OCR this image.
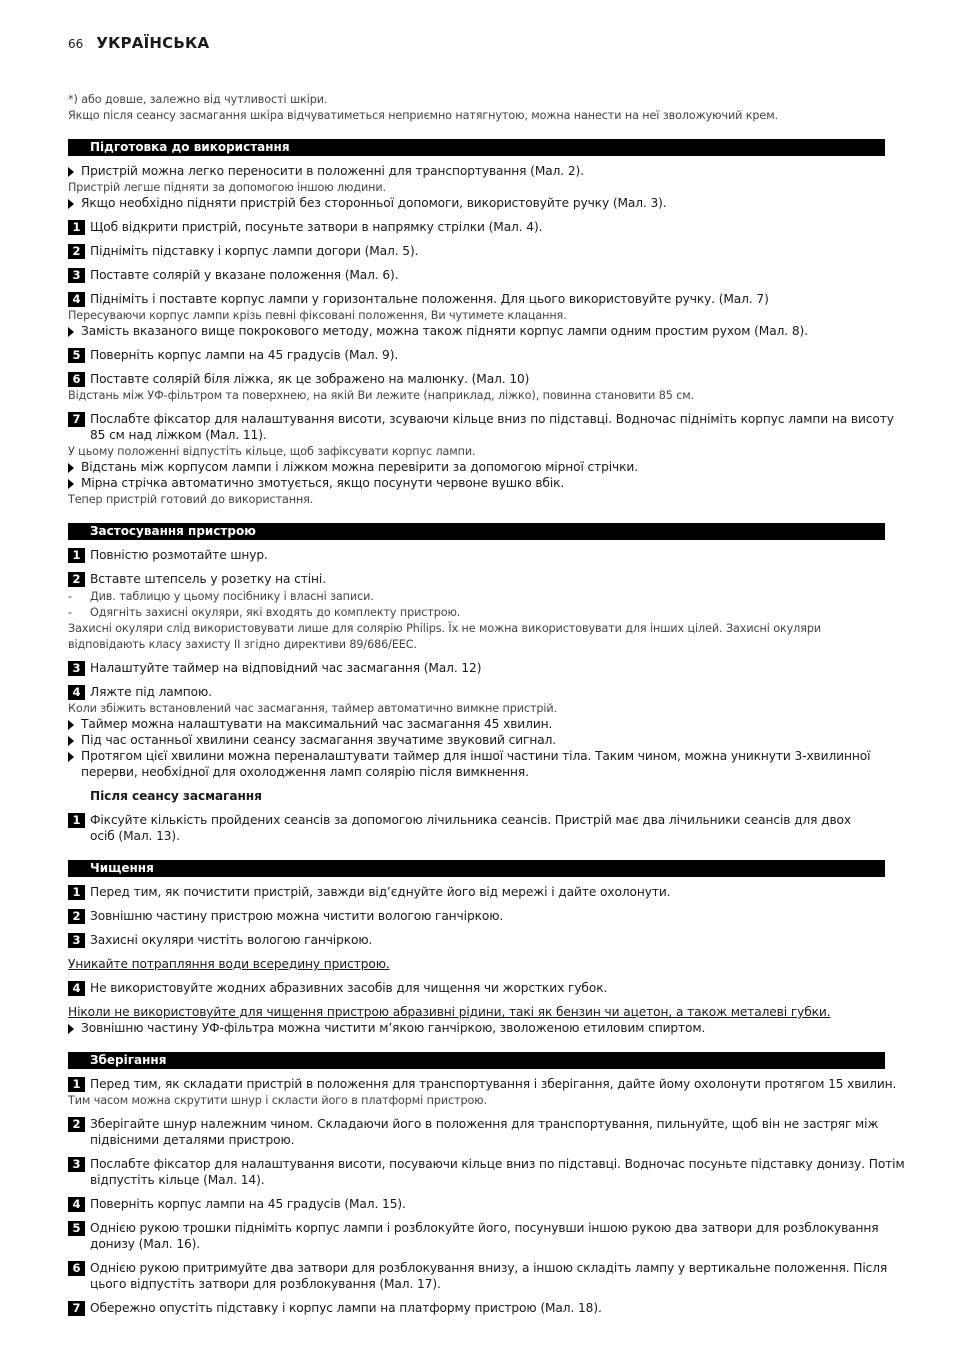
66 УКРАЇНСЬКА
*) або довше, залежно від чутливості шкіри.
Якщо після сеансу засмагання шкіра відчуватиметься неприємно натягнутою, можна нанести на неї зволожуючий крем.
Підготовка до використання
Пристрій можна легко переносити в положенні для транспортування (Мал. 2).
Пристрій легше підняти за допомогою іншою людини.
Якщо необхідно підняти пристрій без сторонньої допомоги, використовуйте ручку (Мал. 3).
1 Щоб відкрити пристрій, посуньте затвори в напрямку стрілки (Мал. 4).
2 Підніміть підставку і корпус лампи догори (Мал. 5).
3 Поставте солярій у вказане положення (Мал. 6).
4 Підніміть і поставте корпус лампи у горизонтальне положення. Для цього використовуйте ручку. (Мал. 7)
Пересуваючи корпус лампи крізь певні фіксовані положення, Ви чутимете клацання.
Замість вказаного вище покрокового методу, можна також підняти корпус лампи одним простим рухом (Мал. 8).
5 Поверніть корпус лампи на 45 градусів (Мал. 9).
6 Поставте солярій біля ліжка, як це зображено на малюнку. (Мал. 10)
Відстань між УФ-фільтром та поверхнею, на якій Ви лежите (наприклад, ліжко), повинна становити 85 см.
7 Послабте фіксатор для налаштування висоти, зсуваючи кільце вниз по підставці. Водночас підніміть корпус лампи на висоту
85 см над ліжком (Мал. 11).
У цьому положенні відпустіть кільце, щоб зафіксувати корпус лампи.
Відстань між корпусом лампи і ліжком можна перевірити за допомогою мірної стрічки.
Мірна стрічка автоматично змотується, якщо посунути червоне вушко вбік.
Тепер пристрій готовий до використання.
Застосування пристрою
1 Повністю розмотайте шнур.
2 Вставте штепсель у розетку на стіні.
- Див. таблицю у цьому посібнику і власні записи.
- Одягніть захисні окуляри, які входять до комплекту пристрою.
Захисні окуляри слід використовувати лише для солярію Philips. Їх не можна використовувати для інших цілей. Захисні окуляри
відповідають класу захисту II згідно директиви 89/686/EEC.
3 Налаштуйте таймер на відповідний час засмагання (Мал. 12)
4 Ляжте під лампою.
Коли збіжить встановлений час засмагання, таймер автоматично вимкне пристрій.
Таймер можна налаштувати на максимальний час засмагання 45 хвилин.
Під час останньої хвилини сеансу засмагання звучатиме звуковий сигнал.
Протягом цієї хвилини можна переналаштувати таймер для іншої частини тіла. Таким чином, можна уникнути 3-хвилинної
перерви, необхідної для охолодження ламп солярію після вимкнення.
Після сеансу засмагання
1 Фіксуйте кількість пройдених сеансів за допомогою лічильника сеансів. Пристрій має два лічильники сеансів для двох
осіб (Мал. 13).
Чищення
1 Перед тим, як почистити пристрій, завжди від’єднуйте його від мережі і дайте охолонути.
2 Зовнішню частину пристрою можна чистити вологою ганчіркою.
3 Захисні окуляри чистіть вологою ганчіркою.
Уникайте потрапляння води всередину пристрою.
4 Не використовуйте жодних абразивних засобів для чищення чи жорстких губок.
Ніколи не використовуйте для чищення пристрою абразивні рідини, такі як бензин чи ацетон, а також металеві губки.
Зовнішню частину УФ-фільтра можна чистити м’якою ганчіркою, зволоженою етиловим спиртом.
Зберігання
1 Перед тим, як складати пристрій в положення для транспортування і зберігання, дайте йому охолонути протягом 15 хвилин.
Тим часом можна скрутити шнур і скласти його в платформі пристрою.
2 Зберігайте шнур належним чином. Складаючи його в положення для транспортування, пильнуйте, щоб він не застряг між
підвісними деталями пристрою.
3 Послабте фіксатор для налаштування висоти, посуваючи кільце вниз по підставці. Водночас посуньте підставку донизу. Потім
відпустіть кільце (Мал. 14).
4 Поверніть корпус лампи на 45 градусів (Мал. 15).
5 Однією рукою трошки підніміть корпус лампи і розблокуйте його, посунувши іншою рукою два затвори для розблокування
донизу (Мал. 16).
6 Однією рукою притримуйте два затвори для розблокування внизу, а іншою складіть лампу у вертикальне положення. Після
цього відпустіть затвори для розблокування (Мал. 17).
7 Обережно опустіть підставку і корпус лампи на платформу пристрою (Мал. 18).
